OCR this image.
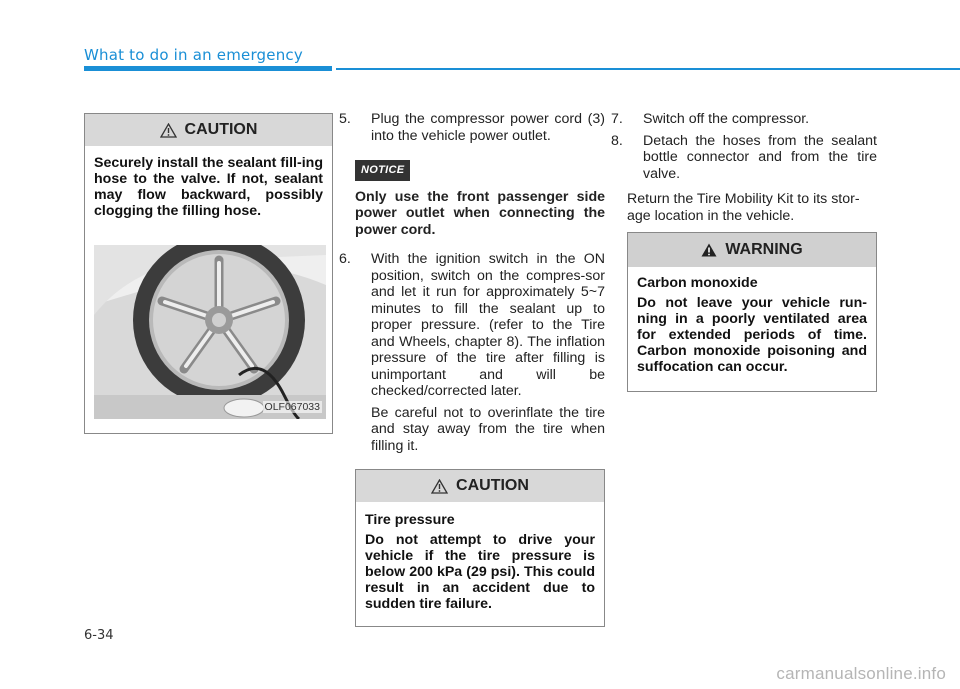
What to do in an emergency
CAUTION
Securely install the sealant fill-ing hose to the valve. If not, sealant may flow backward, possibly clogging the filling hose.
OLF067033

5. Plug the compressor power cord (3) into the vehicle power outlet.

NOTICE

Only use the front passenger side power outlet when connecting the power cord.

6. With the ignition switch in the ON position, switch on the compres-sor and let it run for approximately 5~7 minutes to fill the sealant up to proper pressure. (refer to the Tire and Wheels, chapter 8). The inflation pressure of the tire after filling is unimportant and will be checked/corrected later.

Be careful not to overinflate the tire and stay away from the tire when filling it.

CAUTION

Tire pressure

Do not attempt to drive your vehicle if the tire pressure is below 200 kPa (29 psi). This could result in an accident due to sudden tire failure.

7. Switch off the compressor.

8. Detach the hoses from the sealant bottle connector and from the tire valve.

Return the Tire Mobility Kit to its stor-age location in the vehicle.

WARNING

Carbon monoxide

Do not leave your vehicle run-ning in a poorly ventilated area for extended periods of time. Carbon monoxide poisoning and suffocation can occur.

6-34
carmanualsonline.info
